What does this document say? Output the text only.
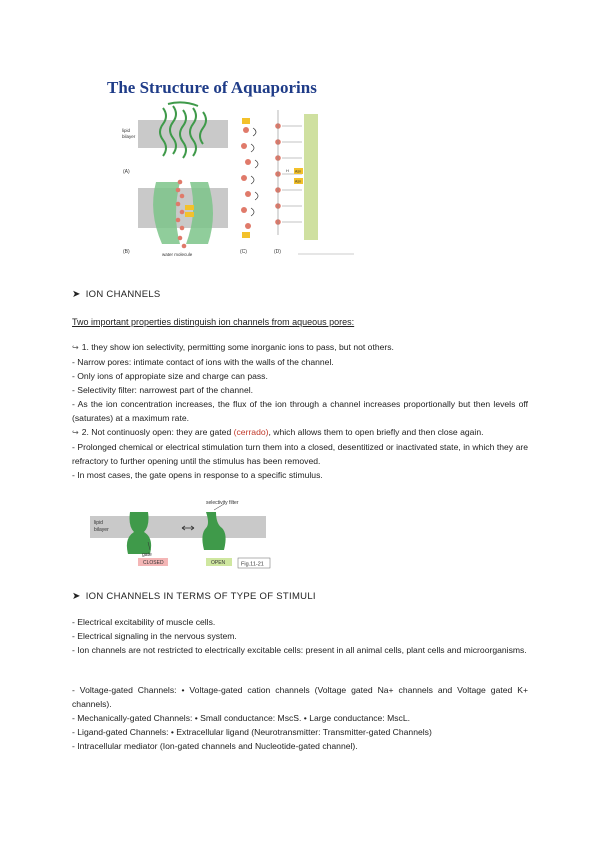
The Structure of Aquaporins
lipid
bilayer
(A)
(B)	water molecule	(C)
Asn
Asn
H
(D)
➤ ION CHANNELS
Two important properties distinguish ion channels from aqueous pores:
↪ 1. they show ion selectivity, permitting some inorganic ions to pass, but not others.
- Narrow pores: intimate contact of ions with the walls of the channel.
- Only ions of appropiate size and charge can pass.
- Selectivity filter: narrowest part of the channel.
- As the ion concentration increases, the flux of the ion through a channel increases proportionally but then levels off (saturates) at a maximum rate.
↪ 2. Not continuosly open: they are gated (cerrado), which allows them to open briefly and then close again.
- Prolonged chemical or electrical stimulation turn them into a closed, desentitized or inactivated state, in which they are refractory to further opening until the stimulus has been removed.
- In most cases, the gate opens in response to a specific stimulus.
selectivity filter
lipid
bilayer
gate
CLOSED	OPEN	Fig.11-21
➤ ION CHANNELS IN TERMS OF TYPE OF STIMULI
- Electrical excitability of muscle cells.
- Electrical signaling in the nervous system.
- Ion channels are not restricted to electrically excitable cells: present in all animal cells, plant cells and microorganisms.
- Voltage-gated Channels: • Voltage-gated cation channels (Voltage gated Na+ channels and Voltage gated K+ channels).
- Mechanically-gated Channels: • Small conductance: MscS. • Large conductance: MscL.
- Ligand-gated Channels: • Extracellular ligand (Neurotransmitter: Transmitter-gated Channels)
- Intracellular mediator (Ion-gated channels and Nucleotide-gated channel).
